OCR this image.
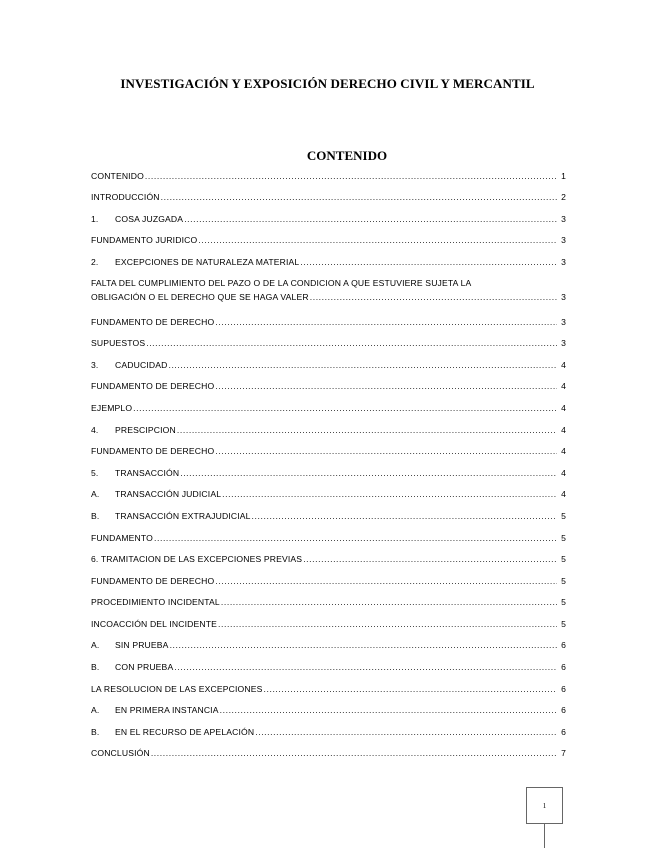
INVESTIGACIÓN Y EXPOSICIÓN DERECHO CIVIL Y MERCANTIL
CONTENIDO
CONTENIDO .....	1
INTRODUCCIÓN .....	2
1.	COSA JUZGADA .....	3
FUNDAMENTO JURIDICO .....	3
2.	EXCEPCIONES DE NATURALEZA MATERIAL .....	3
FALTA DEL CUMPLIMIENTO DEL PAZO O DE LA CONDICION A QUE ESTUVIERE SUJETA LA
OBLIGACIÓN O EL DERECHO QUE SE HAGA VALER .....	3
FUNDAMENTO DE DERECHO .....	3
SUPUESTOS .....	3
3.	CADUCIDAD .....	4
FUNDAMENTO DE DERECHO .....	4
EJEMPLO .....	4
4.	PRESCIPCION .....	4
FUNDAMENTO DE DERECHO .....	4
5.	TRANSACCIÓN .....	4
A.	TRANSACCIÓN JUDICIAL .....	4
B.	TRANSACCIÓN EXTRAJUDICIAL .....	5
FUNDAMENTO .....	5
6. TRAMITACION DE LAS EXCEPCIONES PREVIAS .....	5
FUNDAMENTO DE DERECHO .....	5
PROCEDIMIENTO INCIDENTAL .....	5
INCOACCIÓN DEL INCIDENTE .....	5
A.	SIN PRUEBA .....	6
B.	CON PRUEBA .....	6
LA RESOLUCION DE LAS EXCEPCIONES .....	6
A.	EN PRIMERA INSTANCIA .....	6
B.	EN EL RECURSO DE APELACIÓN .....	6
CONCLUSIÓN .....	7
1
